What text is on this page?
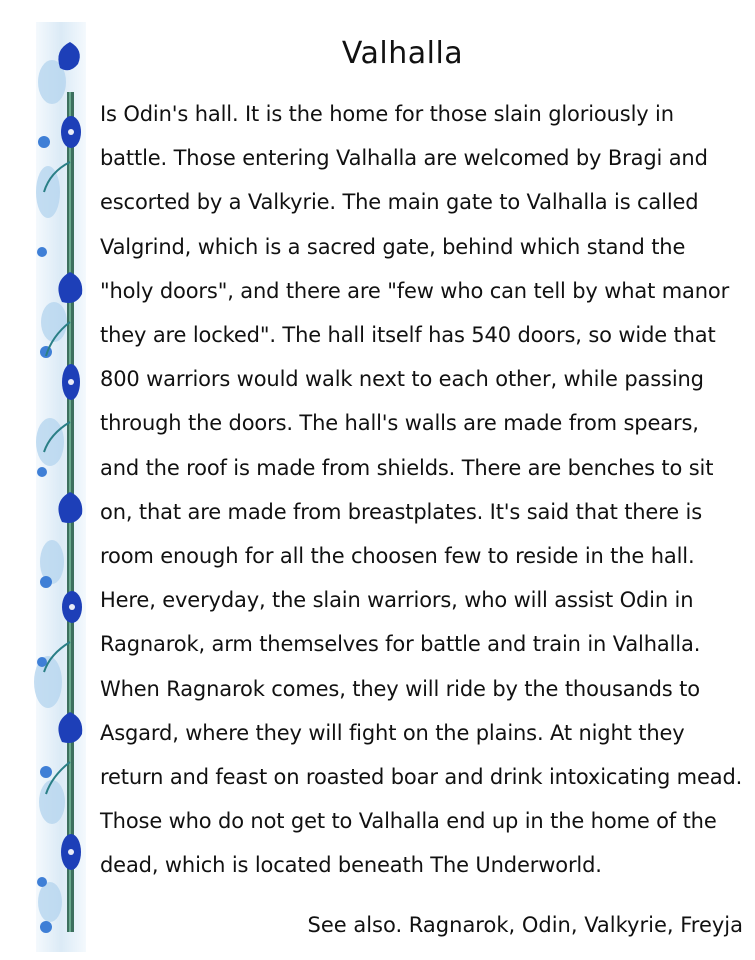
Valhalla
Is Odin's hall. It is the home for those slain gloriously in
battle. Those entering Valhalla are welcomed by Bragi and
escorted by a Valkyrie. The main gate to Valhalla is called
Valgrind, which is a sacred gate, behind which stand the
"holy doors", and there are "few who can tell by what manor
they are locked". The hall itself has 540 doors, so wide that
800 warriors would walk next to each other, while passing
through the doors. The hall's walls are made from spears,
and the roof is made from shields. There are benches to sit
on, that are made from breastplates. It's said that there is
room enough for all the choosen few to reside in the hall.
Here, everyday, the slain warriors, who will assist Odin in
Ragnarok, arm themselves for battle and train in Valhalla.
When Ragnarok comes, they will ride by the thousands to
Asgard, where they will fight on the plains. At night they
return and feast on roasted boar and drink intoxicating mead.
Those who do not get to Valhalla end up in the home of the
dead, which is located beneath The Underworld.
See also. Ragnarok, Odin, Valkyrie, Freyja
